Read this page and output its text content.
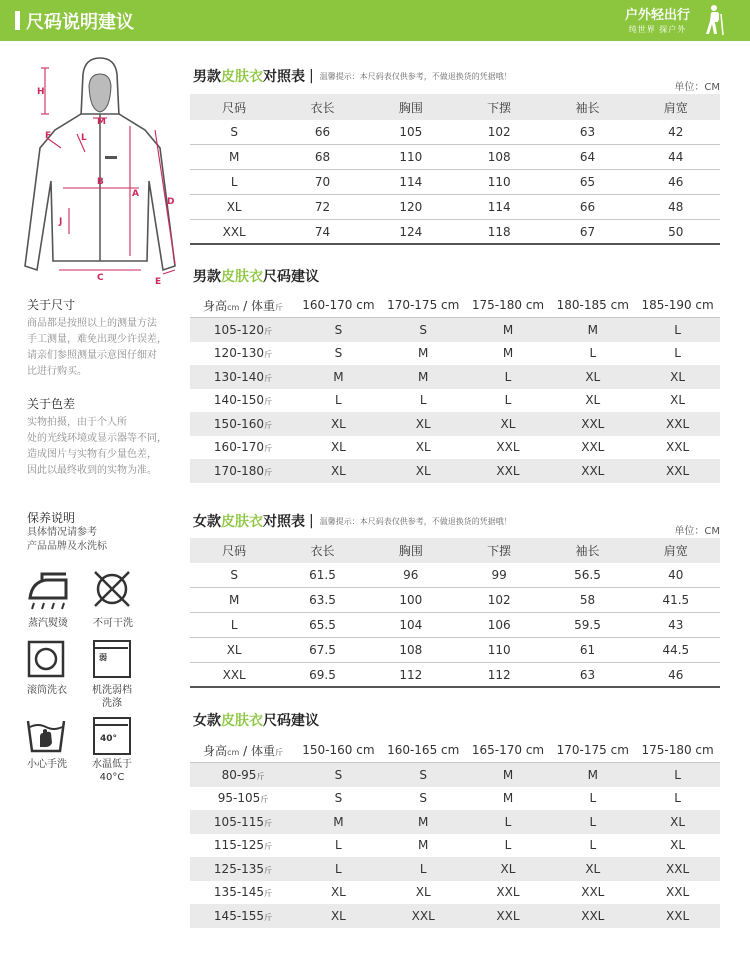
尺码说明建议	户外轻出行
纯世界 探户外
H
M
L
F
B
A
D
J
C	E
关于尺寸

商品都是按照以上的测量方法

手工测量，难免出现少许误差，

请亲们参照测量示意图仔细对

比进行购买。

关于色差

实物拍摄，由于个人所

处的光线环境或显示器等不同，

造成图片与实物有少量色差，

因此以最终收到的实物为准。

保养说明

具体情况请参考

产品品牌及水洗标

蒸汽熨烫	不可干洗
滚筒洗衣
弱
机洗弱档
洗涤
小心手洗
40°
水温低于
40°C
男款 皮肤衣 对照表 | 温馨提示：本尺码表仅供参考，不做退换货的凭据哦！
单位：CM
尺码	衣长	胸围	下摆	袖长	肩宽
S	66	105	102	63	42
M	68	110	108	64	44
L	70	114	110	65	46
XL	72	120	114	66	48
XXL	74	124	118	67	50
男款 皮肤衣 尺码建议
身高cm / 体重斤	160-170 cm	170-175 cm	175-180 cm	180-185 cm	185-190 cm
105-120斤	S	S	M	M	L
120-130斤	S	M	M	L	L
130-140斤	M	M	L	XL	XL
140-150斤	L	L	L	XL	XL
150-160斤	XL	XL	XL	XXL	XXL
160-170斤	XL	XL	XXL	XXL	XXL
170-180斤	XL	XL	XXL	XXL	XXL
女款 皮肤衣 对照表 | 温馨提示：本尺码表仅供参考，不做退换货的凭据哦！
单位：CM
尺码	衣长	胸围	下摆	袖长	肩宽
S	61.5	96	99	56.5	40
M	63.5	100	102	58	41.5
L	65.5	104	106	59.5	43
XL	67.5	108	110	61	44.5
XXL	69.5	112	112	63	46
女款 皮肤衣 尺码建议
身高cm / 体重斤	150-160 cm	160-165 cm	165-170 cm	170-175 cm	175-180 cm
80-95斤	S	S	M	M	L
95-105斤	S	S	M	L	L
105-115斤	M	M	L	L	XL
115-125斤	L	M	L	L	XL
125-135斤	L	L	XL	XL	XXL
135-145斤	XL	XL	XXL	XXL	XXL
145-155斤	XL	XXL	XXL	XXL	XXL
